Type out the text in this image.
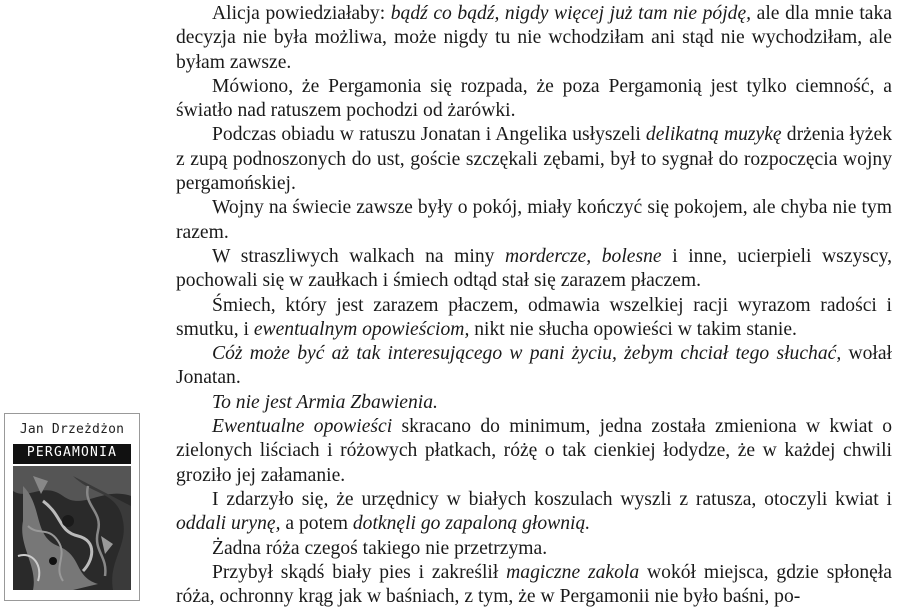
Jan Drzeżdżon
PERGAMONIA

Alicja powiedziałaby: bądź co bądź, nigdy więcej już tam nie pójdę, ale dla mnie taka decyzja nie była możliwa, może nigdy tu nie wchodziłam ani stąd nie wychodziłam, ale byłam zawsze.

Mówiono, że Pergamonia się rozpada, że poza Pergamonią jest tylko ciemność, a światło nad ratuszem pochodzi od żarówki.

Podczas obiadu w ratuszu Jonatan i Angelika usłyszeli delikatną muzykę drżenia łyżek z zupą podnoszonych do ust, goście szczękali zębami, był to sygnał do rozpoczęcia wojny pergamońskiej.

Wojny na świecie zawsze były o pokój, miały kończyć się pokojem, ale chyba nie tym razem.

W straszliwych walkach na miny mordercze, bolesne i inne, ucierpieli wszyscy, pochowali się w zaułkach i śmiech odtąd stał się zarazem płaczem.

Śmiech, który jest zarazem płaczem, odmawia wszelkiej racji wyrazom radości i smutku, i ewentualnym opowieściom, nikt nie słucha opowieści w takim stanie.

Cóż może być aż tak interesującego w pani życiu, żebym chciał tego słuchać, wołał Jonatan.

To nie jest Armia Zbawienia.

Ewentualne opowieści skracano do minimum, jedna została zmieniona w kwiat o zielonych liściach i różowych płatkach, różę o tak cienkiej łodydze, że w każdej chwili groziło jej załamanie.

I zdarzyło się, że urzędnicy w białych koszulach wyszli z ratusza, otoczyli kwiat i oddali urynę, a potem dotknęli go zapaloną głownią.

Żadna róża czegoś takiego nie przetrzyma.

Przybył skądś biały pies i zakreślił magiczne zakola wokół miejsca, gdzie spłonęła róża, ochronny krąg jak w baśniach, z tym, że w Pergamonii nie było baśni, po-
